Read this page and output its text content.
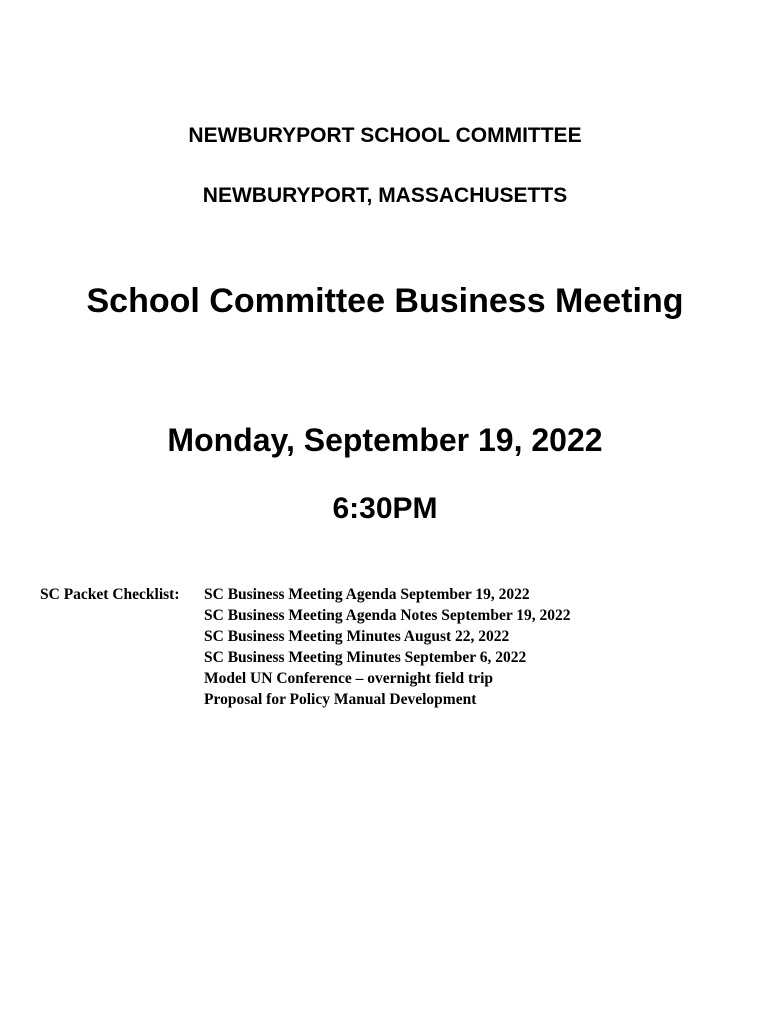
NEWBURYPORT SCHOOL COMMITTEE
NEWBURYPORT, MASSACHUSETTS
School Committee Business Meeting
Monday, September 19, 2022
6:30PM
SC Packet Checklist:	SC Business Meeting Agenda September 19, 2022
SC Business Meeting Agenda Notes September 19, 2022
SC Business Meeting Minutes August 22, 2022
SC Business Meeting Minutes September 6, 2022
Model UN Conference – overnight field trip
Proposal for Policy Manual Development
